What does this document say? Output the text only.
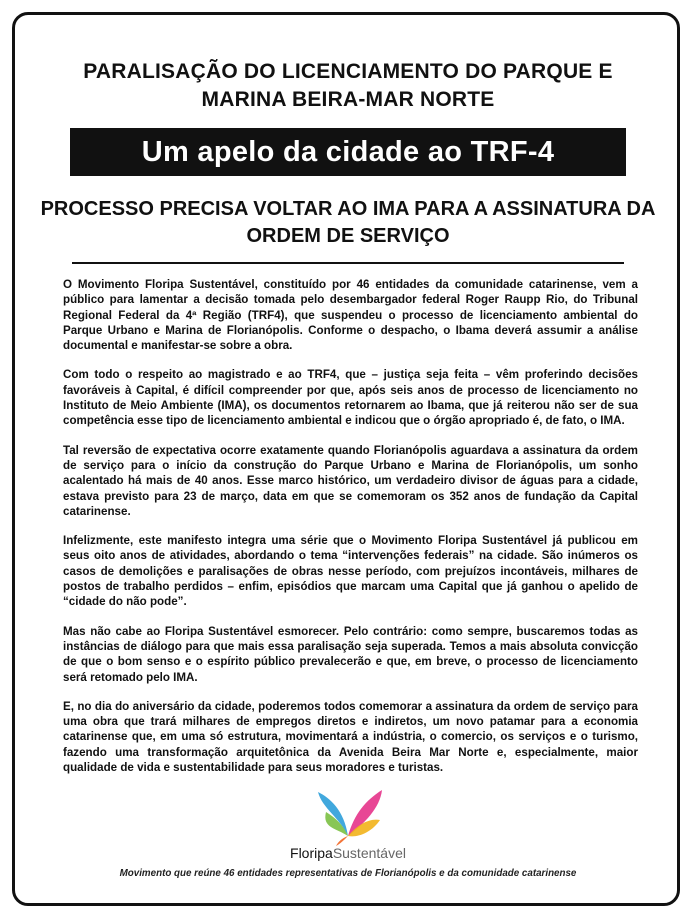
PARALISAÇÃO DO LICENCIAMENTO DO PARQUE E MARINA BEIRA-MAR NORTE
Um apelo da cidade ao TRF-4
PROCESSO PRECISA VOLTAR AO IMA PARA A ASSINATURA DA ORDEM DE SERVIÇO

O Movimento Floripa Sustentável, constituído por 46 entidades da comunidade catarinense, vem a público para lamentar a decisão tomada pelo desembargador federal Roger Raupp Rio, do Tribunal Regional Federal da 4ª Região (TRF4), que suspendeu o processo de licenciamento ambiental do Parque Urbano e Marina de Florianópolis. Conforme o despacho, o Ibama deverá assumir a análise documental e manifestar-se sobre a obra.

Com todo o respeito ao magistrado e ao TRF4, que – justiça seja feita – vêm proferindo decisões favoráveis à Capital, é difícil compreender por que, após seis anos de processo de licenciamento no Instituto de Meio Ambiente (IMA), os documentos retornarem ao Ibama, que já reiterou não ser de sua competência esse tipo de licenciamento ambiental e indicou que o órgão apropriado é, de fato, o IMA.

Tal reversão de expectativa ocorre exatamente quando Florianópolis aguardava a assinatura da ordem de serviço para o início da construção do Parque Urbano e Marina de Florianópolis, um sonho acalentado há mais de 40 anos. Esse marco histórico, um verdadeiro divisor de águas para a cidade, estava previsto para 23 de março, data em que se comemoram os 352 anos de fundação da Capital catarinense.

Infelizmente, este manifesto integra uma série que o Movimento Floripa Sustentável já publicou em seus oito anos de atividades, abordando o tema “intervenções federais” na cidade. São inúmeros os casos de demolições e paralisações de obras nesse período, com prejuízos incontáveis, milhares de postos de trabalho perdidos – enfim, episódios que marcam uma Capital que já ganhou o apelido de “cidade do não pode”.

Mas não cabe ao Floripa Sustentável esmorecer. Pelo contrário: como sempre, buscaremos todas as instâncias de diálogo para que mais essa paralisação seja superada. Temos a mais absoluta convicção de que o bom senso e o espírito público prevalecerão e que, em breve, o processo de licenciamento será retomado pelo IMA.

E, no dia do aniversário da cidade, poderemos todos comemorar a assinatura da ordem de serviço para uma obra que trará milhares de empregos diretos e indiretos, um novo patamar para a economia catarinense que, em uma só estrutura, movimentará a indústria, o comercio, os serviços e o turismo, fazendo uma transformação arquitetônica da Avenida Beira Mar Norte e, especialmente, maior qualidade de vida e sustentabilidade para seus moradores e turistas.

FloripaSustentável
Movimento que reúne 46 entidades representativas de Florianópolis e da comunidade catarinense
